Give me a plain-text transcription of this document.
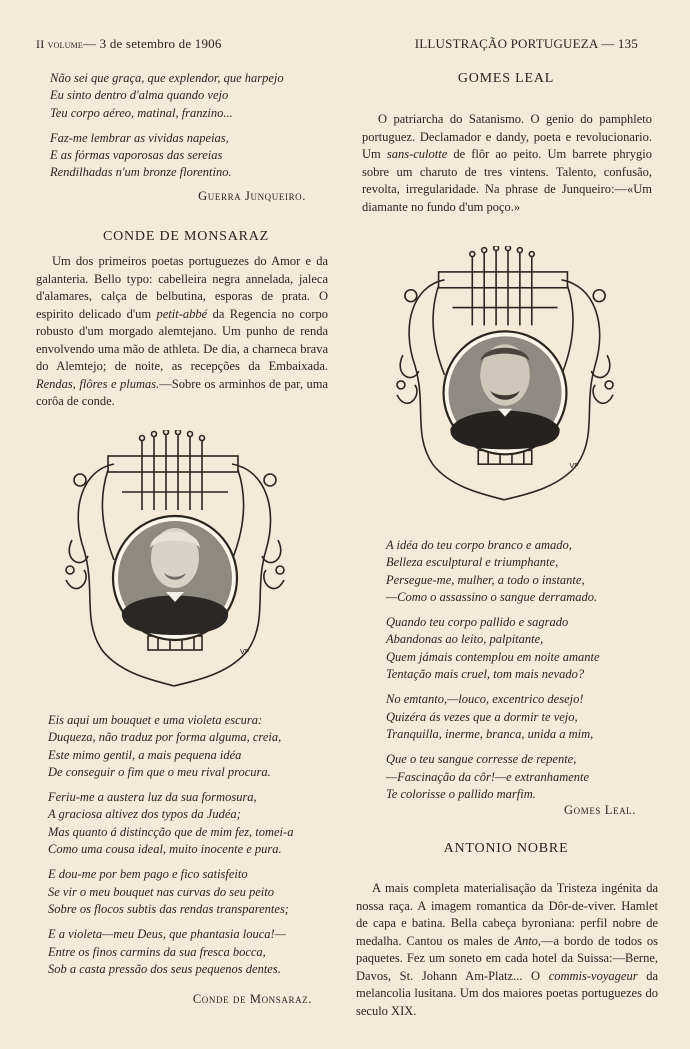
II volume— 3 de setembro de 1906	ILLUSTRAÇÃO PORTUGUEZA — 135
Não sei que graça, que explendor, que harpejo
Eu sinto dentro d'alma quando vejo
Teu corpo aéreo, matinal, franzino...
Faz-me lembrar as vividas napeias,
E as fórmas vaporosas das sereias
Rendilhadas n'um bronze florentino.
Guerra Junqueiro.
CONDE DE MONSARAZ
Um dos primeiros poetas portuguezes do Amor e da galanteria. Bello typo: cabelleira negra annelada, jaleca d'alamares, calça de belbutina, esporas de prata. O espirito delicado d'um petit-abbé da Regencia no corpo robusto d'um morgado alemtejano. Um punho de renda envolvendo uma mão de athleta. De dia, a charneca brava do Alemtejo; de noite, as recepções da Embaixada. Rendas, flôres e plumas.—Sobre os arminhos de par, uma corôa de conde.
VP
Eis aqui um bouquet e uma violeta escura:
Duqueza, não traduz por forma alguma, creia,
Este mimo gentil, a mais pequena idéa
De conseguir o fim que o meu rival procura.
Feriu-me a austera luz da sua formosura,
A graciosa altivez dos typos da Judéa;
Mas quanto á distincção que de mim fez, tomei-a
Como uma cousa ideal, muito inocente e pura.
E dou-me por bem pago e fico satisfeito
Se vir o meu bouquet nas curvas do seu peito
Sobre os flocos subtis das rendas transparentes;
E a violeta—meu Deus, que phantasia louca!—
Entre os finos carmins da sua fresca bocca,
Sob a casta pressão dos seus pequenos dentes.
Conde de Monsaraz.
GOMES LEAL
O patriarcha do Satanismo. O genio do pamphleto portuguez. Declamador e dandy, poeta e revolucionario. Um sans-culotte de flôr ao peito. Um barrete phrygio sobre um charuto de tres vintens. Talento, confusão, revolta, irregularidade. Na phrase de Junqueiro:—«Um diamante no fundo d'um poço.»
VP
A idéa do teu corpo branco e amado,
Belleza esculptural e triumphante,
Persegue-me, mulher, a todo o instante,
—Como o assassino o sangue derramado.
Quando teu corpo pallido e sagrado
Abandonas ao leito, palpitante,
Quem jámais contemplou em noite amante
Tentação mais cruel, tom mais nevado?
No emtanto,—louco, excentrico desejo!
Quizéra ás vezes que a dormir te vejo,
Tranquilla, inerme, branca, unida a mim,
Que o teu sangue corresse de repente,
—Fascinação da côr!—e extranhamente
Te colorisse o pallido marfim.
Gomes Leal.
ANTONIO NOBRE
A mais completa materialisação da Tristeza ingénita da nossa raça. A imagem romantica da Dôr-de-viver. Hamlet de capa e batina. Bella cabeça byroniana: perfil nobre de medalha. Cantou os males de Anto,—a bordo de todos os paquetes. Fez um soneto em cada hotel da Suissa:—Berne, Davos, St. Johann Am-Platz... O commis-voyageur da melancolia lusitana. Um dos maiores poetas portuguezes do seculo XIX.
